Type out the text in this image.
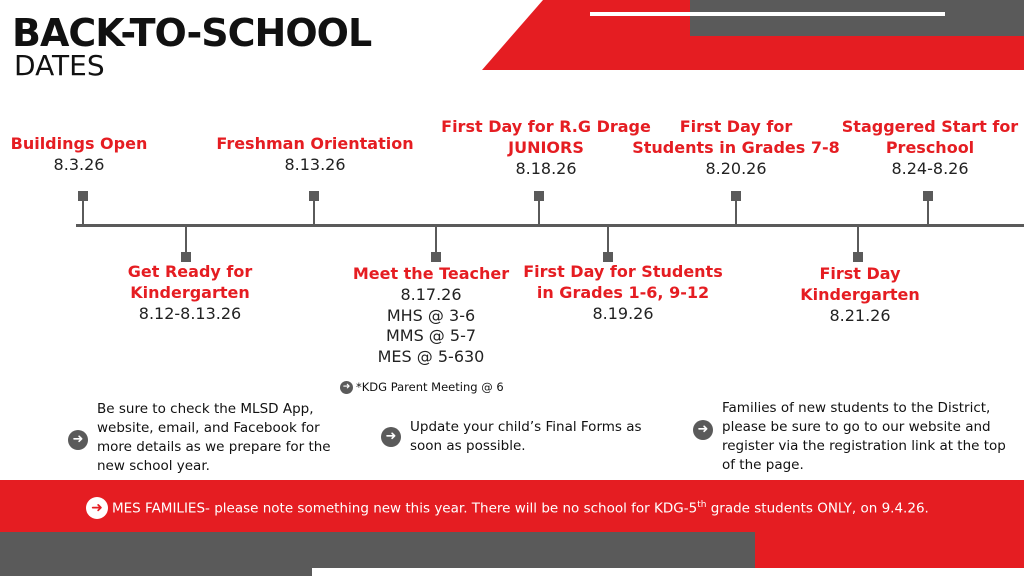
BACK-TO-SCHOOL
DATES
Buildings Open
8.3.26
Freshman Orientation
8.13.26
First Day for R.G Drage
JUNIORS
8.18.26
First Day for
Students in Grades 7-8
8.20.26
Staggered Start for
Preschool
8.24-8.26
Get Ready for
Kindergarten
8.12-8.13.26
Meet the Teacher
8.17.26
MHS @ 3-6
MMS @ 5-7
MES @ 5-630
➜ *KDG Parent Meeting @ 6
First Day for Students
in Grades 1-6, 9-12
8.19.26
First Day
Kindergarten
8.21.26
➜
Be sure to check the MLSD App, website, email, and Facebook for more details as we prepare for the new school year.
➜
Update your child’s Final Forms as soon as possible.
➜
Families of new students to the District, please be sure to go to our website and register via the registration link at the top of the page.
➜ MES FAMILIES- please note something new this year. There will be no school for KDG-5th grade students ONLY, on 9.4.26.
